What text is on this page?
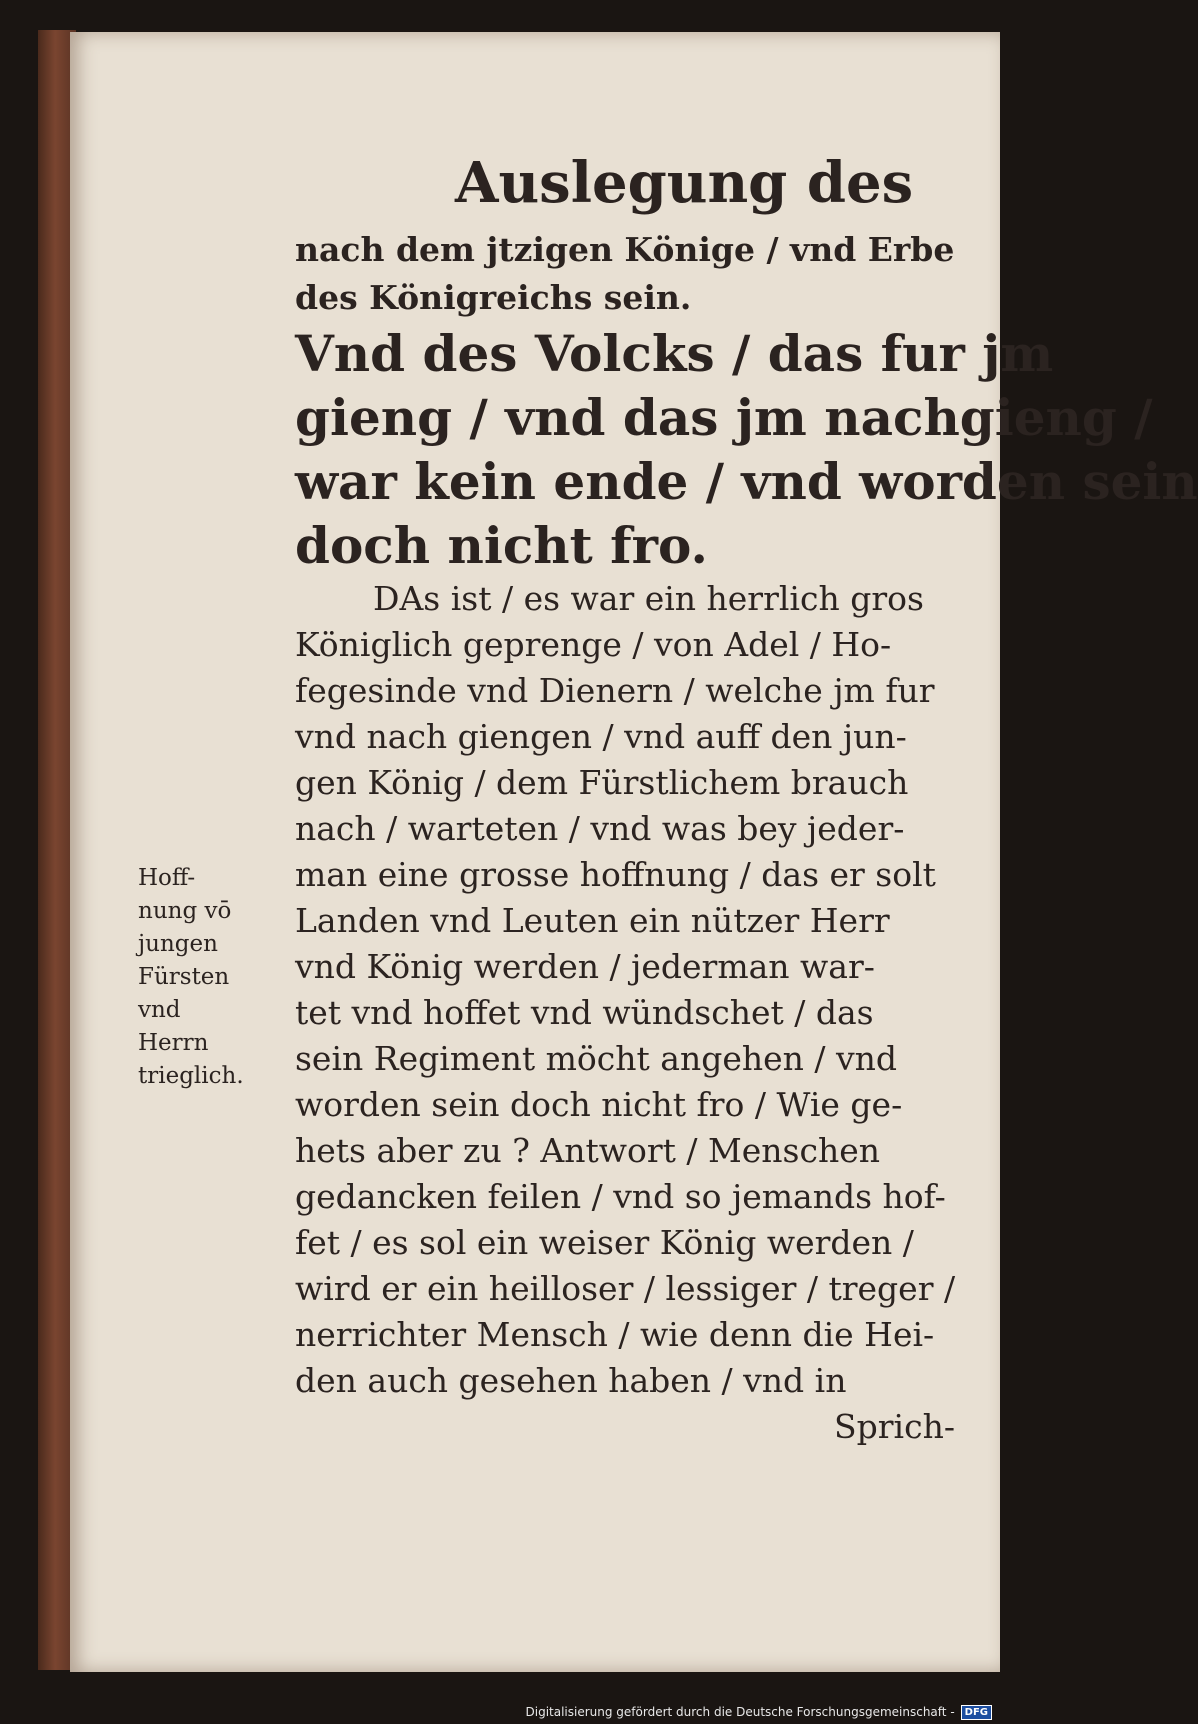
Auslegung des
nach dem jtzigen Könige / vnd Erbe
des Königreichs sein.
Vnd des Volcks / das fur jm
gieng / vnd das jm nachgieng /
war kein ende / vnd worden sein
doch nicht fro.
DAs ist / es war ein herrlich gros
Königlich geprenge / von Adel / Ho-
fegesinde vnd Dienern / welche jm fur
vnd nach giengen / vnd auff den jun-
gen König / dem Fürstlichem brauch
nach / warteten / vnd was bey jeder-
man eine grosse hoffnung / das er solt
Landen vnd Leuten ein nützer Herr
vnd König werden / jederman war-
tet vnd hoffet vnd wündschet / das
sein Regiment möcht angehen / vnd
worden sein doch nicht fro / Wie ge-
hets aber zu ? Antwort / Menschen
gedancken feilen / vnd so jemands hof-
fet / es sol ein weiser König werden /
wird er ein heilloser / lessiger / treger /
nerrichter Mensch / wie denn die Hei-
den auch gesehen haben / vnd in
Sprich-
Hoff-
nung vō
jungen
Fürsten
vnd
Herrn
trieglich.
Digitalisierung gefördert durch die Deutsche Forschungsgemeinschaft -	DFG
